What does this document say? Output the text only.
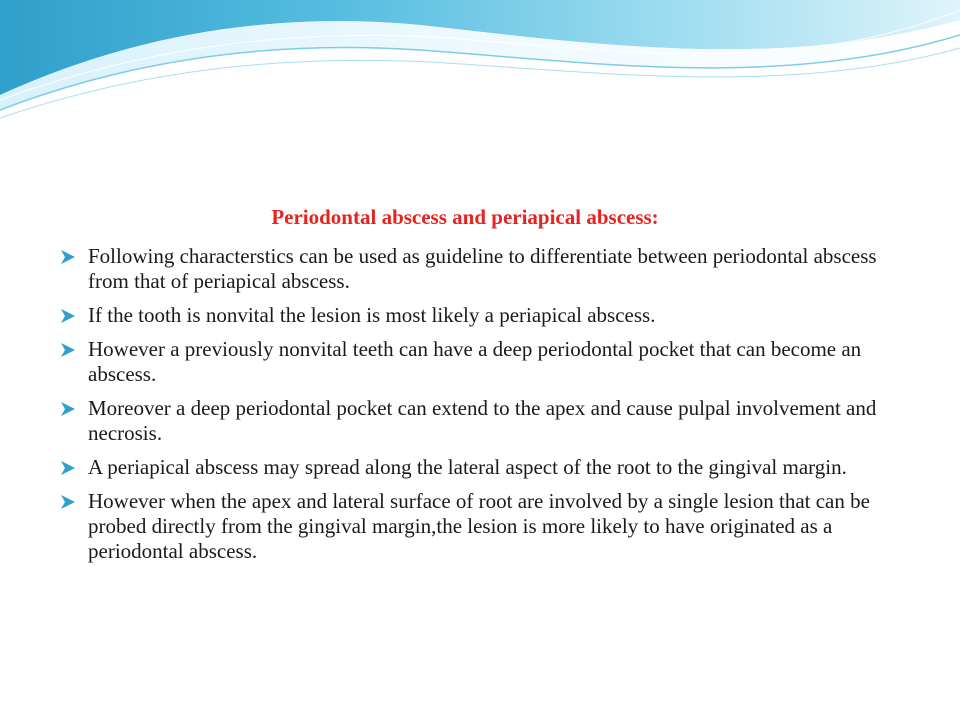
Periodontal abscess and periapical abscess:
Following characterstics can be used as guideline to differentiate between periodontal abscess from that of periapical abscess.
If the tooth is nonvital the lesion is most likely a periapical abscess.
However a previously nonvital teeth can have a deep periodontal pocket that can become an abscess.
Moreover a deep periodontal pocket can extend to the apex and cause pulpal involvement and necrosis.
A periapical abscess may spread along the lateral aspect of the root to the gingival margin.
However when the apex and lateral surface of root are involved by a single lesion that can be probed directly from the gingival margin,the lesion is more likely to have originated as a periodontal abscess.
